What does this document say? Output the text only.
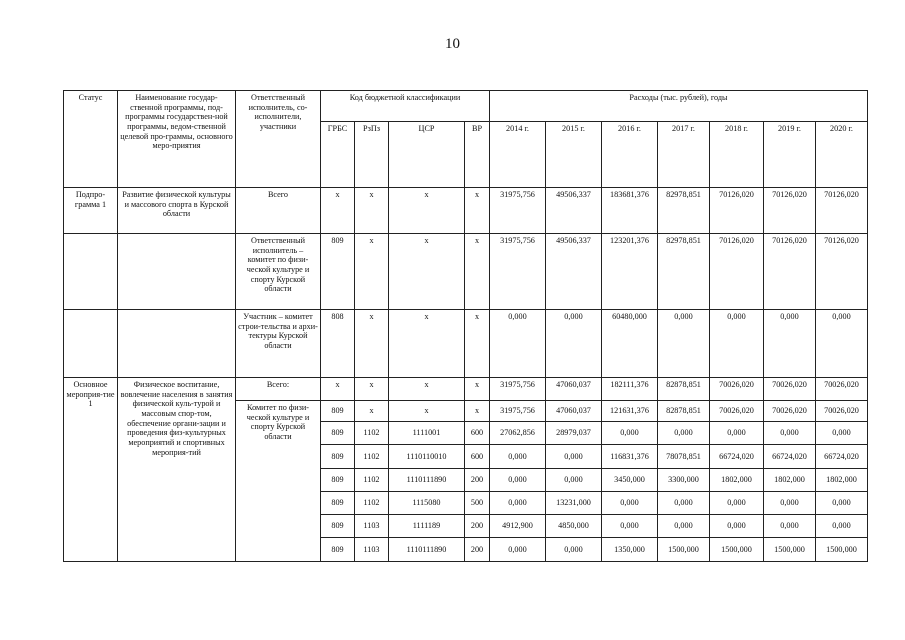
10
Статус	Наименование государ-ственной программы, под-программы государствен-ной программы, ведом-ственной целевой про-граммы, основного меро-приятия	Ответственный исполнитель, со-исполнители, участники	Код бюджетной классификации				Расходы (тыс. рублей), годы						
			ГРБС	РзПз	ЦСР	ВР	2014 г.	2015 г.	2016 г.	2017 г.	2018 г.	2019 г.	2020 г.
Подпро-грамма 1	Развитие физической культуры и массового спорта в Курской области	Всего	x	x	x	x	31975,756	49506,337	183681,376	82978,851	70126,020	70126,020	70126,020
		Ответственный исполнитель – комитет по физи-ческой культуре и спорту Курской области	809	x	x	x	31975,756	49506,337	123201,376	82978,851	70126,020	70126,020	70126,020
		Участник – комитет строи-тельства и архи-тектуры Курской области	808	x	x	x	0,000	0,000	60480,000	0,000	0,000	0,000	0,000
Основное мероприя-тие 1	Физическое воспитание, вовлечение населения в занятия физической куль-турой и массовым спор-том, обеспечение органи-зации и проведения физ-культурных мероприятий и спортивных мероприя-тий	Всего:	x	x	x	x	31975,756	47060,037	182111,376	82878,851	70026,020	70026,020	70026,020
		Комитет по физи-ческой культуре и спорту Курской области	809	x	x	x	31975,756	47060,037	121631,376	82878,851	70026,020	70026,020	70026,020
			809	1102	1111001	600	27062,856	28979,037	0,000	0,000	0,000	0,000	0,000
			809	1102	1110110010	600	0,000	0,000	116831,376	78078,851	66724,020	66724,020	66724,020
			809	1102	1110111890	200	0,000	0,000	3450,000	3300,000	1802,000	1802,000	1802,000
			809	1102	1115080	500	0,000	13231,000	0,000	0,000	0,000	0,000	0,000
			809	1103	1111189	200	4912,900	4850,000	0,000	0,000	0,000	0,000	0,000
			809	1103	1110111890	200	0,000	0,000	1350,000	1500,000	1500,000	1500,000	1500,000
